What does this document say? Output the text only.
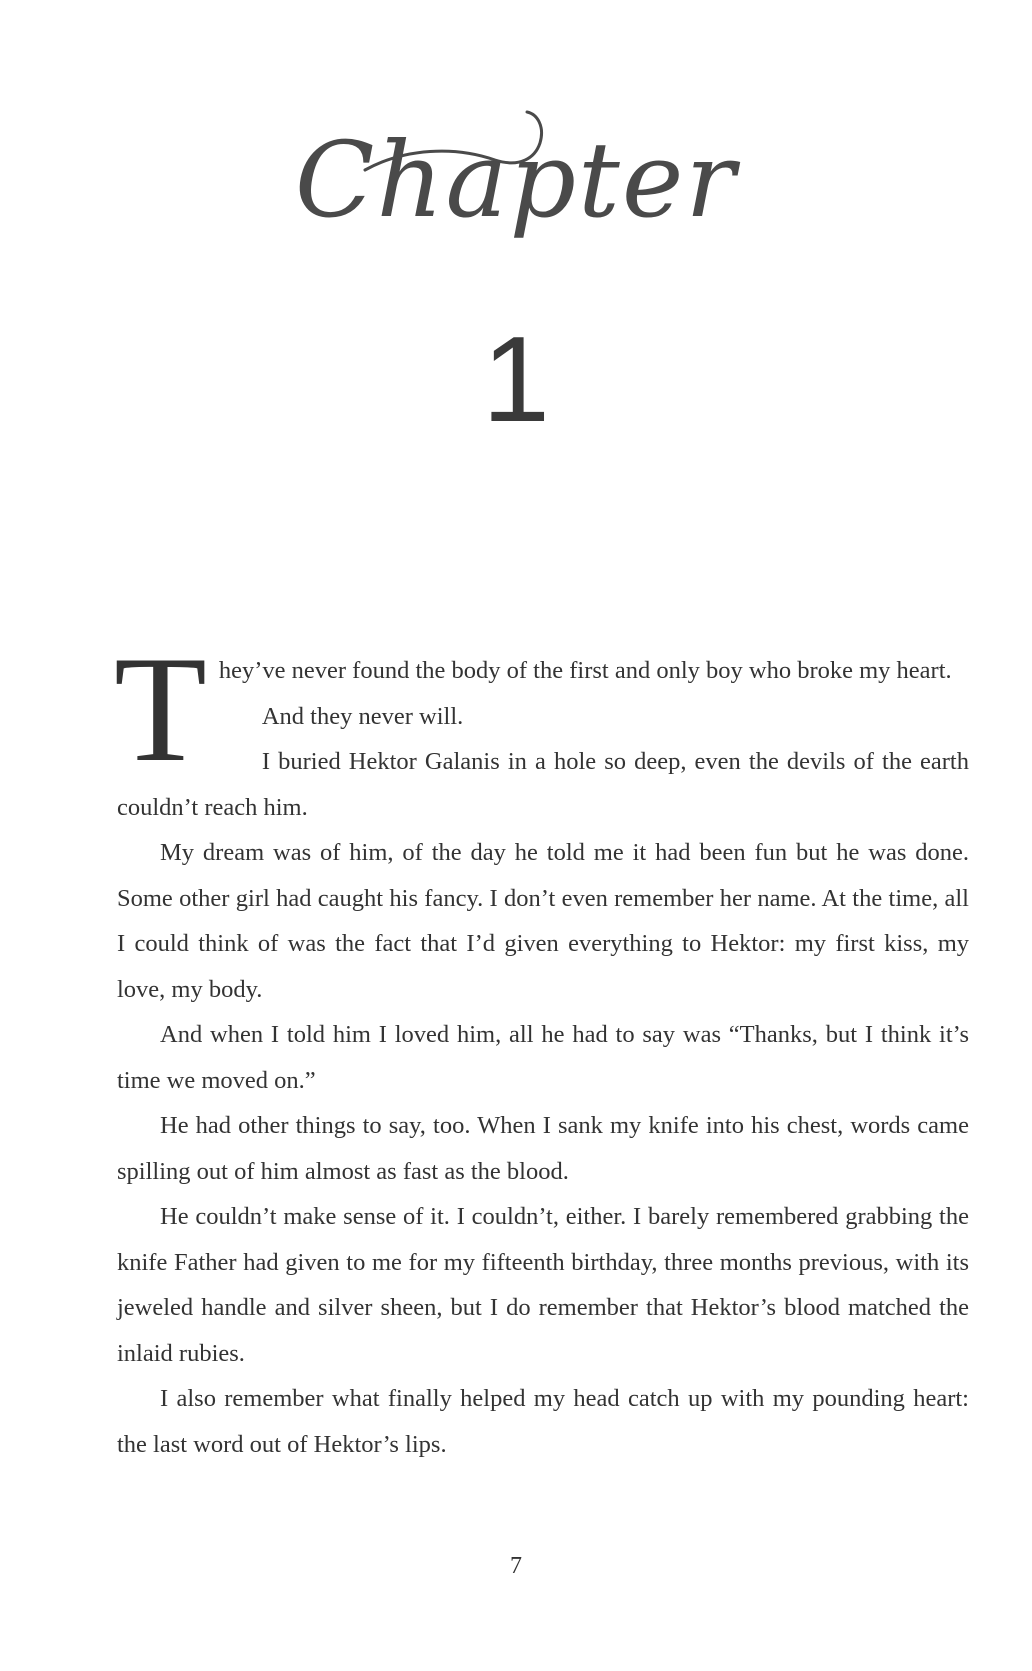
Chapter
1

They’ve never found the body of the first and only boy who broke my heart.
And they never will.

I buried Hektor Galanis in a hole so deep, even the devils of the earth couldn’t reach him.

My dream was of him, of the day he told me it had been fun but he was done. Some other girl had caught his fancy. I don’t even remember her name. At the time, all I could think of was the fact that I’d given everything to Hektor: my first kiss, my love, my body.

And when I told him I loved him, all he had to say was “Thanks, but I think it’s time we moved on.”

He had other things to say, too. When I sank my knife into his chest, words came spilling out of him almost as fast as the blood.

He couldn’t make sense of it. I couldn’t, either. I barely remembered grabbing the knife Father had given to me for my fifteenth birthday, three months previous, with its jeweled handle and silver sheen, but I do remember that Hektor’s blood matched the inlaid rubies.

I also remember what finally helped my head catch up with my pounding heart: the last word out of Hektor’s lips.

7
